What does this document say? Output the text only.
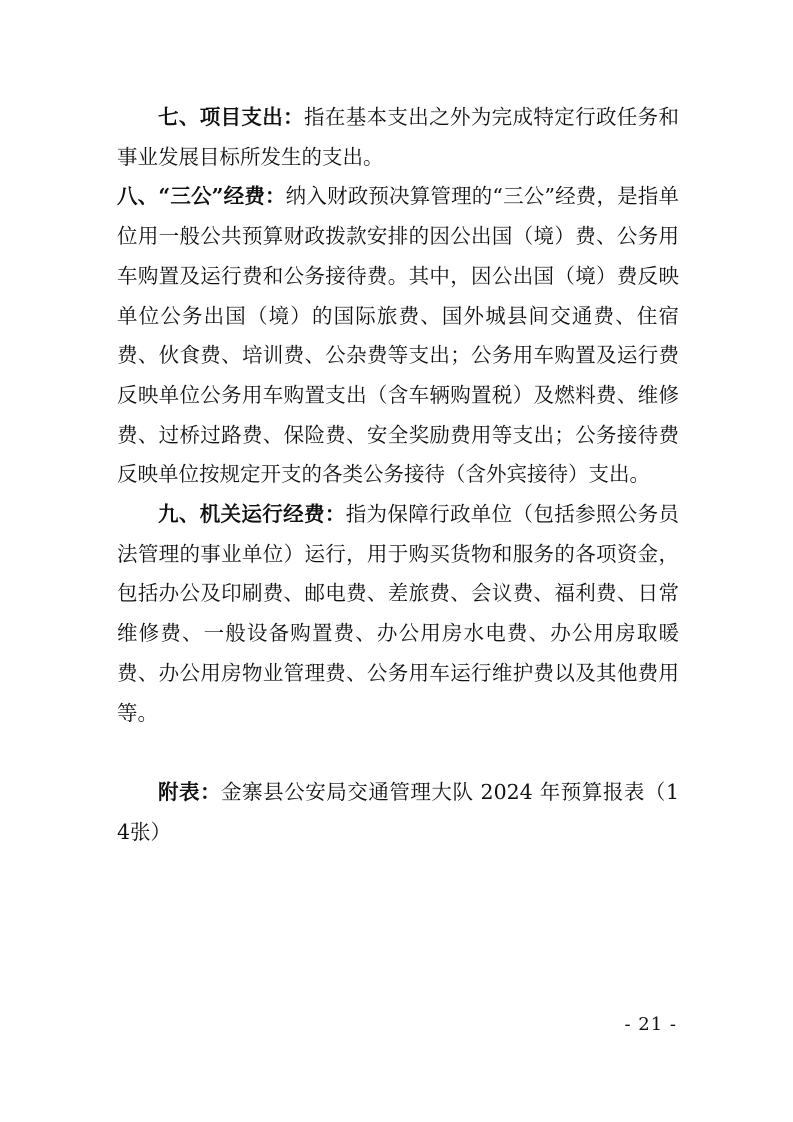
七、项目支出：指在基本支出之外为完成特定行政任务和事业发展目标所发生的支出。

八、“三公”经费：纳入财政预决算管理的“三公”经费，是指单位用一般公共预算财政拨款安排的因公出国（境）费、公务用车购置及运行费和公务接待费。其中，因公出国（境）费反映单位公务出国（境）的国际旅费、国外城县间交通费、住宿费、伙食费、培训费、公杂费等支出；公务用车购置及运行费反映单位公务用车购置支出（含车辆购置税）及燃料费、维修费、过桥过路费、保险费、安全奖励费用等支出；公务接待费反映单位按规定开支的各类公务接待（含外宾接待）支出。

九、机关运行经费：指为保障行政单位（包括参照公务员法管理的事业单位）运行，用于购买货物和服务的各项资金，包括办公及印刷费、邮电费、差旅费、会议费、福利费、日常维修费、一般设备购置费、办公用房水电费、办公用房取暖费、办公用房物业管理费、公务用车运行维护费以及其他费用等。

附表：金寨县公安局交通管理大队 2024 年预算报表（14张）

- 21 -
